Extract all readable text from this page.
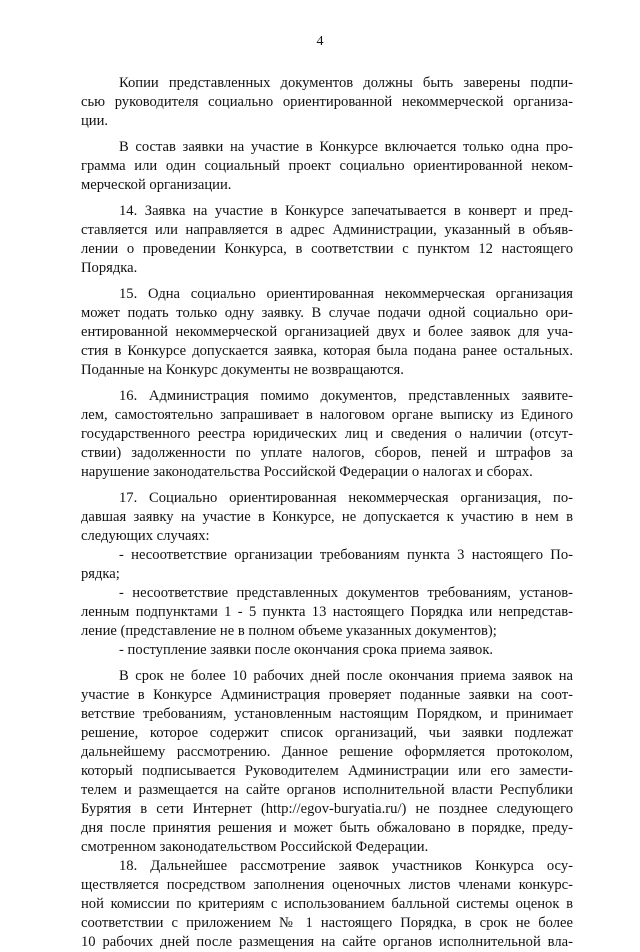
4
Копии представленных документов должны быть заверены подпи-
сью руководителя социально ориентированной некоммерческой организа-
ции.
В состав заявки на участие в Конкурсе включается только одна про-
грамма или один социальный проект социально ориентированной неком-
мерческой организации.
14. Заявка на участие в Конкурсе запечатывается в конверт и пред-
ставляется или направляется в адрес Администрации, указанный в объяв-
лении о проведении Конкурса, в соответствии с пунктом 12 настоящего
Порядка.
15. Одна социально ориентированная некоммерческая организация
может подать только одну заявку. В случае подачи одной социально ори-
ентированной некоммерческой организацией двух и более заявок для уча-
стия в Конкурсе допускается заявка, которая была подана ранее остальных.
Поданные на Конкурс документы не возвращаются.
16. Администрация помимо документов, представленных заявите-
лем, самостоятельно запрашивает в налоговом органе выписку из Единого
государственного реестра юридических лиц и сведения о наличии (отсут-
ствии) задолженности по уплате налогов, сборов, пеней и штрафов за
нарушение законодательства Российской Федерации о налогах и сборах.
17. Социально ориентированная некоммерческая организация, по-
давшая заявку на участие в Конкурсе, не допускается к участию в нем в
следующих случаях:
- несоответствие организации требованиям пункта 3 настоящего По-
рядка;
- несоответствие представленных документов требованиям, установ-
ленным подпунктами 1 - 5 пункта 13 настоящего Порядка или непредстав-
ление (представление не в полном объеме указанных документов);
- поступление заявки после окончания срока приема заявок.
В срок не более 10 рабочих дней после окончания приема заявок на
участие в Конкурсе Администрация проверяет поданные заявки на соот-
ветствие требованиям, установленным настоящим Порядком, и принимает
решение, которое содержит список организаций, чьи заявки подлежат
дальнейшему рассмотрению. Данное решение оформляется протоколом,
который подписывается Руководителем Администрации или его замести-
телем и размещается на сайте органов исполнительной власти Республики
Бурятия в сети Интернет (http://egov-buryatia.ru/) не позднее следующего
дня после принятия решения и может быть обжаловано в порядке, преду-
смотренном законодательством Российской Федерации.
18. Дальнейшее рассмотрение заявок участников Конкурса осу-
ществляется посредством заполнения оценочных листов членами конкурс-
ной комиссии по критериям с использованием балльной системы оценок в
соответствии с приложением № 1 настоящего Порядка, в срок не более
10 рабочих дней после размещения на сайте органов исполнительной вла-
